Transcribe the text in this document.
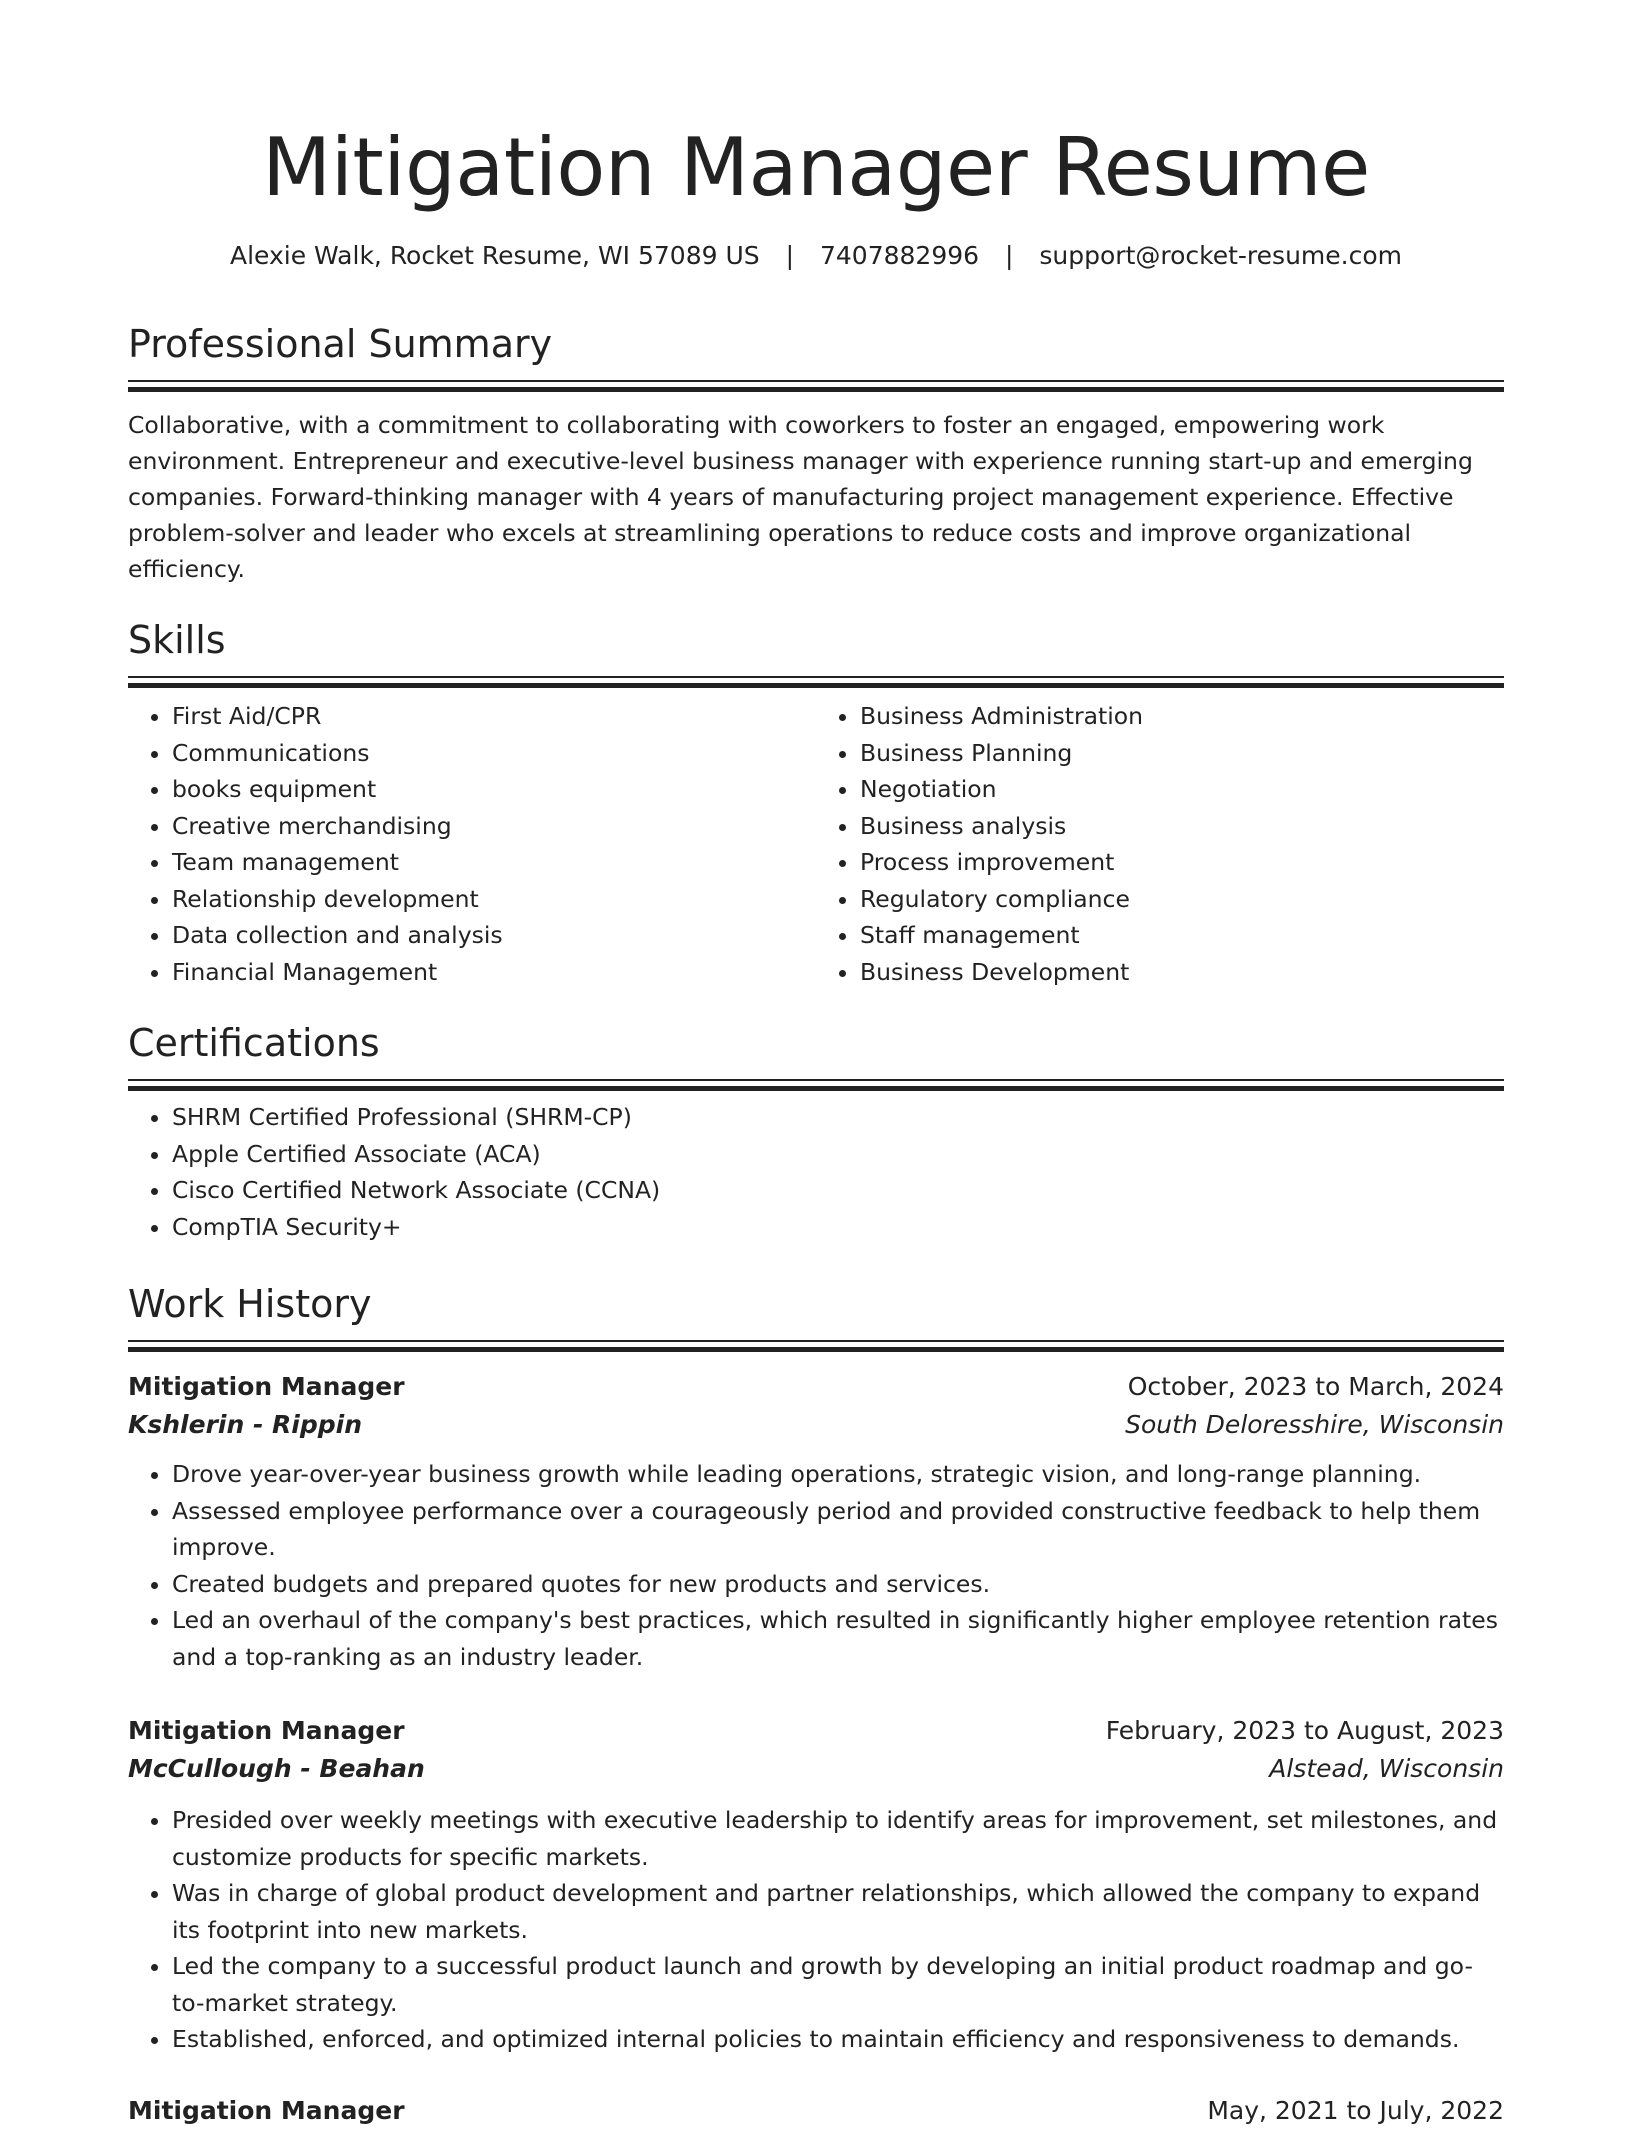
Mitigation Manager Resume
Alexie Walk, Rocket Resume, WI 57089 US | 7407882996 | support@rocket-resume.com
Professional Summary

Collaborative, with a commitment to collaborating with coworkers to foster an engaged, empowering work environment. Entrepreneur and executive-level business manager with experience running start-up and emerging companies. Forward-thinking manager with 4 years of manufacturing project management experience. Effective problem-solver and leader who excels at streamlining operations to reduce costs and improve organizational efficiency.

Skills
• First Aid/CPR
• Communications
• books equipment
• Creative merchandising
• Team management
• Relationship development
• Data collection and analysis
• Financial Management
• Business Administration
• Business Planning
• Negotiation
• Business analysis
• Process improvement
• Regulatory compliance
• Staff management
• Business Development
Certifications
• SHRM Certified Professional (SHRM-CP)
• Apple Certified Associate (ACA)
• Cisco Certified Network Associate (CCNA)
• CompTIA Security+
Work History
Mitigation Manager	October, 2023 to March, 2024
Kshlerin - Rippin	South Deloresshire, Wisconsin
• Drove year-over-year business growth while leading operations, strategic vision, and long-range planning.
• Assessed employee performance over a courageously period and provided constructive feedback to help them improve.
• Created budgets and prepared quotes for new products and services.
• Led an overhaul of the company's best practices, which resulted in significantly higher employee retention rates and a top-ranking as an industry leader.
Mitigation Manager	February, 2023 to August, 2023
McCullough - Beahan	Alstead, Wisconsin
• Presided over weekly meetings with executive leadership to identify areas for improvement, set milestones, and customize products for specific markets.
• Was in charge of global product development and partner relationships, which allowed the company to expand its footprint into new markets.
• Led the company to a successful product launch and growth by developing an initial product roadmap and go-to-market strategy.
• Established, enforced, and optimized internal policies to maintain efficiency and responsiveness to demands.
Mitigation Manager	May, 2021 to July, 2022
